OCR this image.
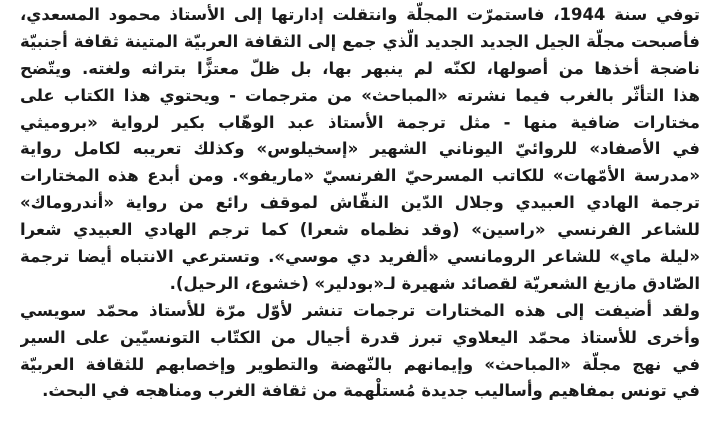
توفي سنة 1944، فاستمرّت المجلّة وانتقلت إدارتها إلى الأستاذ محمود المسعدي،
فأصبحت مجلّة الجيل الجديد الجديد الّذي جمع إلى الثقافة العربيّة المتينة ثقافة أجنبيّة
ناضجة أخذها من أصولها، لكنّه لم ينبهر بها، بل ظلّ معتزًّا بتراثه ولغته. ويتّضح
هذا التأثّر بالغرب فيما نشرته «المباحث» من مترجمات - ويحتوي هذا الكتاب على
مختارات ضافية منها - مثل ترجمة الأستاذ عبد الوهّاب بكير لرواية «بروميثي
في الأصفاد» للروائيّ اليوناني الشهير «إسخيلوس» وكذلك تعريبه لكامل رواية
«مدرسة الأمّهات» للكاتب المسرحيّ الفرنسيّ «ماريفو». ومن أبدع هذه المختارات
ترجمة الهادي العبيدي وجلال الدّين النقّاش لموقف رائع من رواية «أندروماك»
للشاعر الفرنسي «راسين» (وقد نظماه شعرا) كما ترجم الهادي العبيدي شعرا
«ليلة ماي» للشاعر الرومانسي «ألفريد دي موسي». وتسترعي الانتباه أيضا ترجمة
الصّادق مازيغ الشعريّة لقصائد شهيرة لـ«بودلير» (خشوع، الرحيل).
ولقد أضيفت إلى هذه المختارات ترجمات تنشر لأوّل مرّة للأستاذ محمّد سويسي
وأخرى للأستاذ محمّد اليعلاوي تبرز قدرة أجيال من الكتّاب التونسيّين على السير
في نهج مجلّة «المباحث» وإيمانهم بالنّهضة والتطوير وإخصابهم للثقافة العربيّة
في تونس بمفاهيم وأساليب جديدة مُستلْهمة من ثقافة الغرب ومناهجه في البحث.
